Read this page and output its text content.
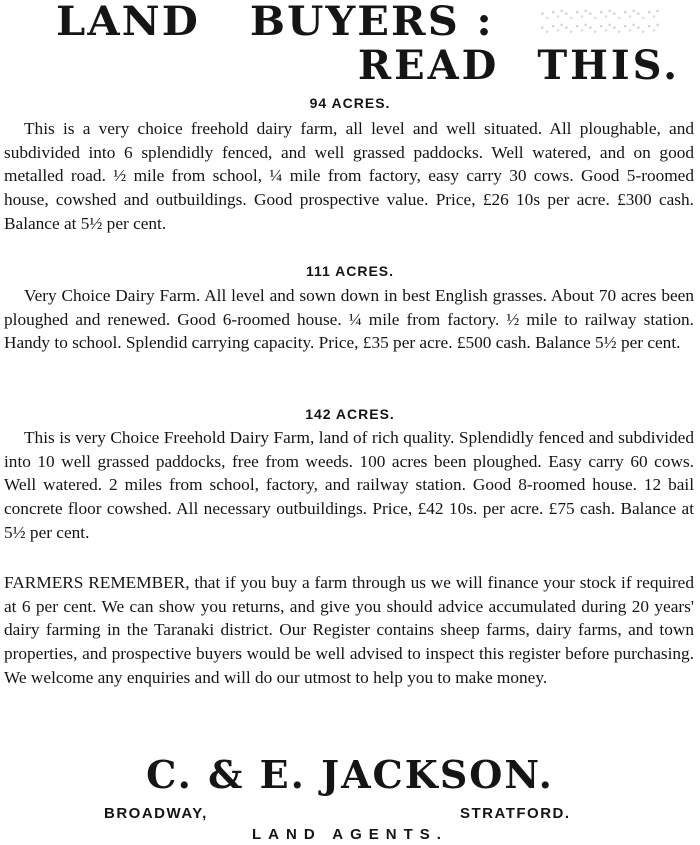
LAND BUYERS :
READ THIS.
94 ACRES.
This is a very choice freehold dairy farm, all level and well situated. All ploughable, and subdivided into 6 splendidly fenced, and well grassed paddocks. Well watered, and on good metalled road. ½ mile from school, ¼ mile from factory, easy carry 30 cows. Good 5-roomed house, cowshed and outbuildings. Good prospective value. Price, £26 10s per acre. £300 cash. Balance at 5½ per cent.
111 ACRES.
Very Choice Dairy Farm. All level and sown down in best English grasses. About 70 acres been ploughed and renewed. Good 6-roomed house. ¼ mile from factory. ½ mile to railway station. Handy to school. Splendid carrying capacity. Price, £35 per acre. £500 cash. Balance 5½ per cent.
142 ACRES.
This is very Choice Freehold Dairy Farm, land of rich quality. Splendidly fenced and subdivided into 10 well grassed paddocks, free from weeds. 100 acres been ploughed. Easy carry 60 cows. Well watered. 2 miles from school, factory, and railway station. Good 8-roomed house. 12 bail concrete floor cowshed. All necessary outbuildings. Price, £42 10s. per acre. £75 cash. Balance at 5½ per cent.
FARMERS REMEMBER, that if you buy a farm through us we will finance your stock if required at 6 per cent. We can show you returns, and give you should advice accumulated during 20 years' dairy farming in the Taranaki district. Our Register contains sheep farms, dairy farms, and town properties, and prospective buyers would be well advised to inspect this register before purchasing. We welcome any enquiries and will do our utmost to help you to make money.
C. & E. JACKSON.
BROADWAY,	STRATFORD.
LAND AGENTS.
